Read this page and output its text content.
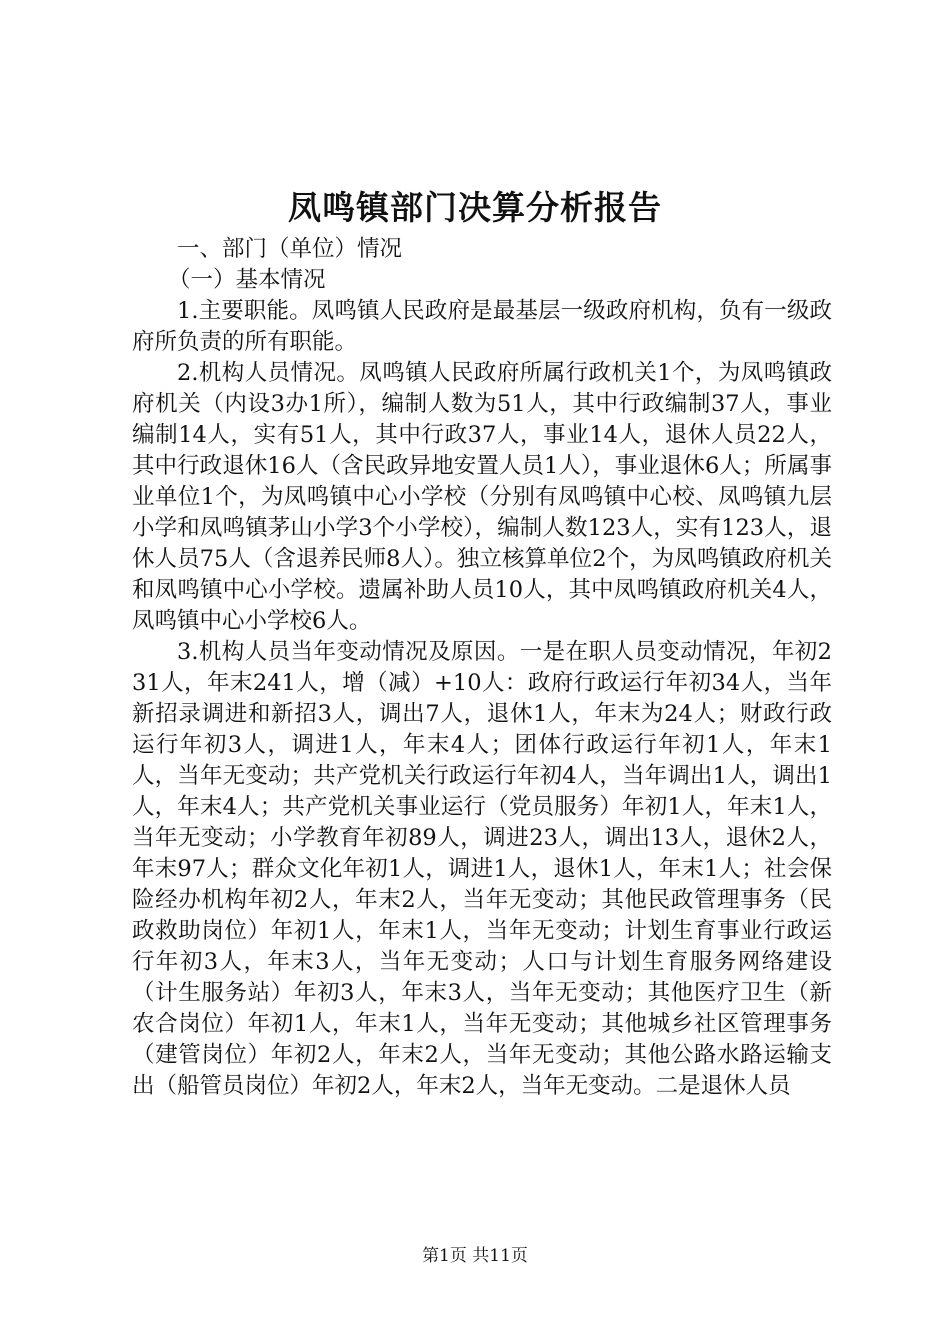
凤鸣镇部门决算分析报告

一、部门（单位）情况

（一）基本情况

1.主要职能。凤鸣镇人民政府是最基层一级政府机构，负有一级政府所负责的所有职能。

2.机构人员情况。凤鸣镇人民政府所属行政机关1个，为凤鸣镇政府机关（内设3办1所），编制人数为51人，其中行政编制37人，事业编制14人，实有51人，其中行政37人，事业14人，退休人员22人，其中行政退休16人（含民政异地安置人员1人），事业退休6人；所属事业单位1个，为凤鸣镇中心小学校（分别有凤鸣镇中心校、凤鸣镇九层小学和凤鸣镇茅山小学3个小学校），编制人数123人，实有123人，退休人员75人（含退养民师8人）。独立核算单位2个，为凤鸣镇政府机关和凤鸣镇中心小学校。遗属补助人员10人，其中凤鸣镇政府机关4人，凤鸣镇中心小学校6人。

3.机构人员当年变动情况及原因。一是在职人员变动情况，年初231人，年末241人，增（减）+10人：政府行政运行年初34人，当年新招录调进和新招3人，调出7人，退休1人，年末为24人；财政行政运行年初3人，调进1人，年末4人；团体行政运行年初1人，年末1人，当年无变动；共产党机关行政运行年初4人，当年调出1人，调出1人，年末4人；共产党机关事业运行（党员服务）年初1人，年末1人，当年无变动；小学教育年初89人，调进23人，调出13人，退休2人，年末97人；群众文化年初1人，调进1人，退休1人，年末1人；社会保险经办机构年初2人，年末2人，当年无变动；其他民政管理事务（民政救助岗位）年初1人，年末1人，当年无变动；计划生育事业行政运行年初3人，年末3人，当年无变动；人口与计划生育服务网络建设（计生服务站）年初3人，年末3人，当年无变动；其他医疗卫生（新农合岗位）年初1人，年末1人，当年无变动；其他城乡社区管理事务（建管岗位）年初2人，年末2人，当年无变动；其他公路水路运输支出（船管员岗位）年初2人，年末2人，当年无变动。二是退休人员

第1页 共11页
